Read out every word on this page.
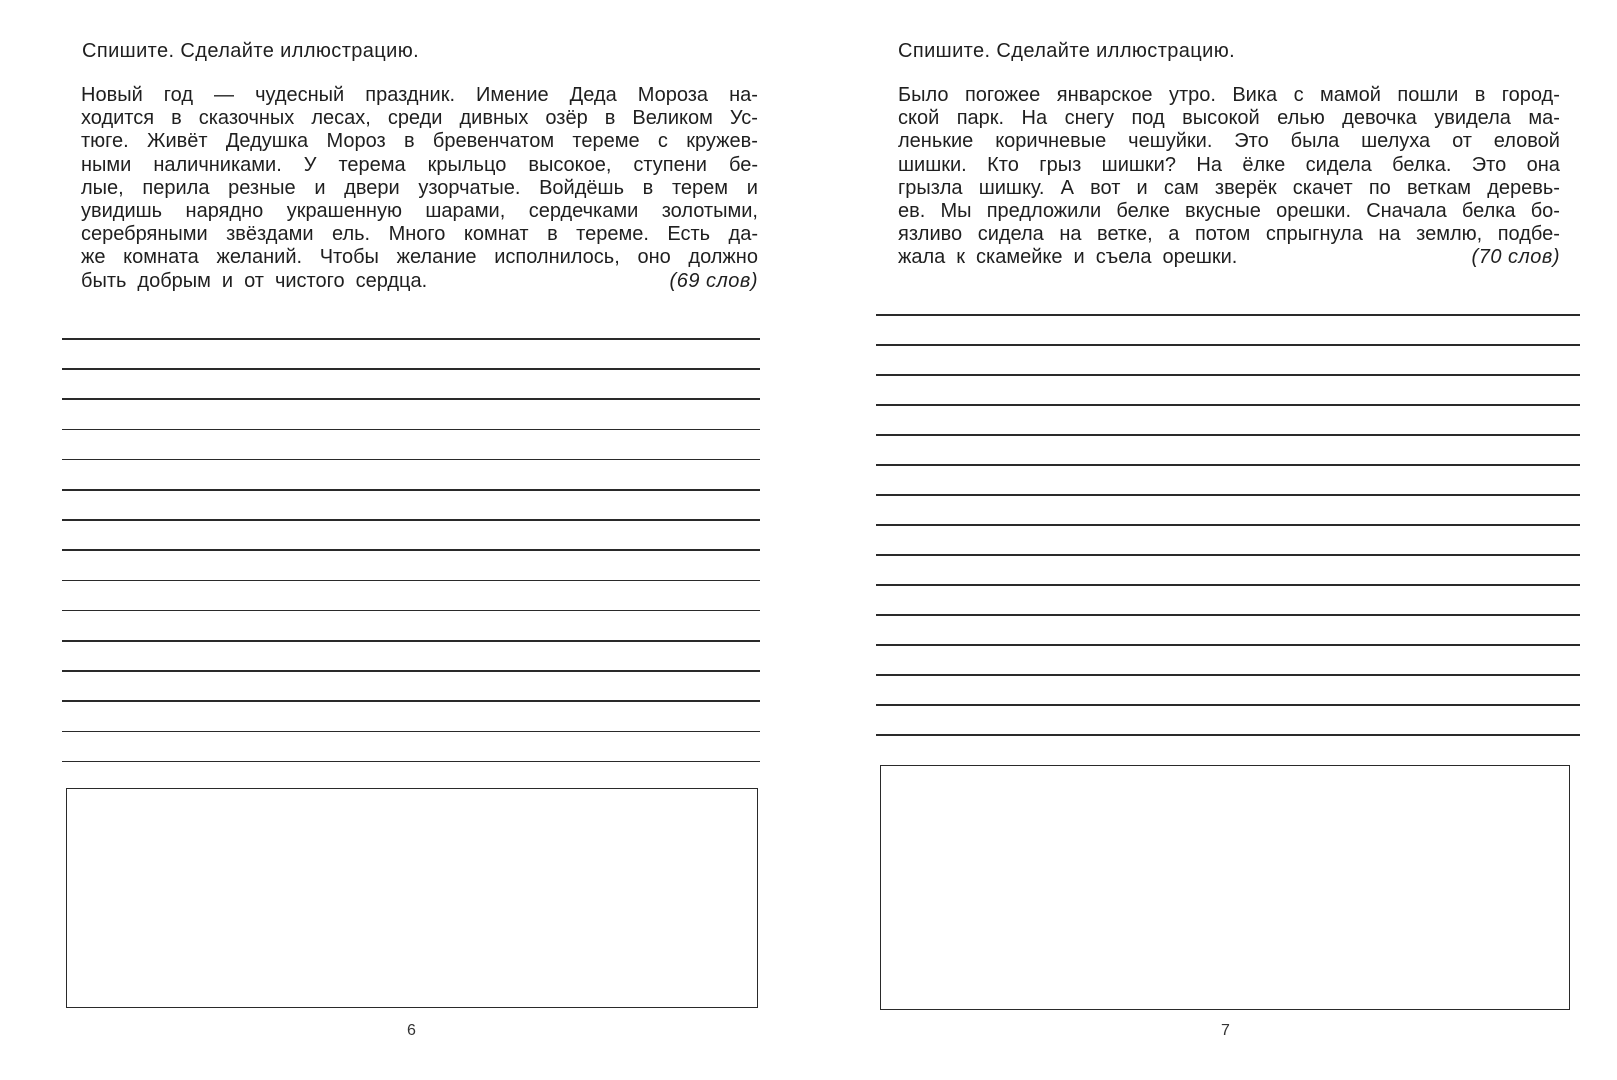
Спишите. Сделайте иллюстрацию.
Новый год — чудесный праздник. Имение Деда Мороза на-
ходится в сказочных лесах, среди дивных озёр в Великом Ус-
тюге. Живёт Дедушка Мороз в бревенчатом тереме с кружев-
ными наличниками. У терема крыльцо высокое, ступени бе-
лые, перила резные и двери узорчатые. Войдёшь в терем и
увидишь нарядно украшенную шарами, сердечками золотыми,
серебряными звёздами ель. Много комнат в тереме. Есть да-
же комната желаний. Чтобы желание исполнилось, оно должно
быть добрым и от чистого сердца.	(69 слов)
6
Спишите. Сделайте иллюстрацию.
Было погожее январское утро. Вика с мамой пошли в город-
ской парк. На снегу под высокой елью девочка увидела ма-
ленькие коричневые чешуйки. Это была шелуха от еловой
шишки. Кто грыз шишки? На ёлке сидела белка. Это она
грызла шишку. А вот и сам зверёк скачет по веткам деревь-
ев. Мы предложили белке вкусные орешки. Сначала белка бо-
язливо сидела на ветке, а потом спрыгнула на землю, подбе-
жала к скамейке и съела орешки.	(70 слов)
7
